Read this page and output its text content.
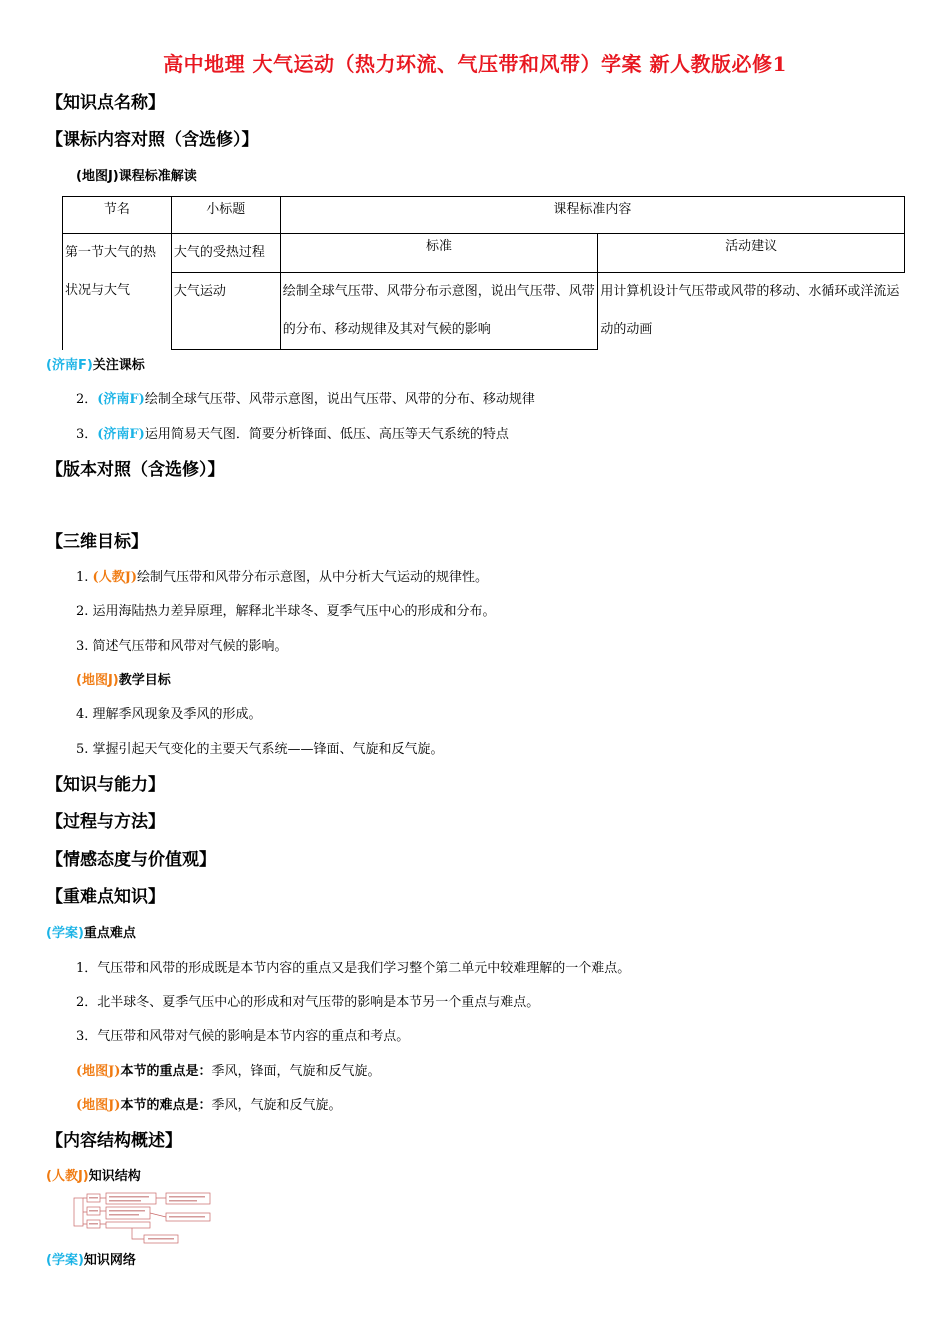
高中地理 大气运动（热力环流、气压带和风带）学案 新人教版必修1
【知识点名称】
【课标内容对照（含选修）】
(地图J)课程标准解读
节名	小标题	课程标准内容	
第一节大气的热状况与大气	大气的受热过程	标准	活动建议
	大气运动	绘制全球气压带、风带分布示意图，说出气压带、风带的分布、移动规律及其对气候的影响	用计算机设计气压带或风带的移动、水循环或洋流运动的动画
(济南F)关注课标
2．(济南F)绘制全球气压带、风带示意图，说出气压带、风带的分布、移动规律
3．(济南F)运用简易天气图．简要分析锋面、低压、高压等天气系统的特点
【版本对照（含选修）】
【三维目标】
1. (人教J)绘制气压带和风带分布示意图，从中分析大气运动的规律性。
2. 运用海陆热力差异原理，解释北半球冬、夏季气压中心的形成和分布。
3. 简述气压带和风带对气候的影响。
(地图J)教学目标
4. 理解季风现象及季风的形成。
5. 掌握引起天气变化的主要天气系统——锋面、气旋和反气旋。
【知识与能力】
【过程与方法】
【情感态度与价值观】
【重难点知识】
(学案)重点难点
1．气压带和风带的形成既是本节内容的重点又是我们学习整个第二单元中较难理解的一个难点。
2．北半球冬、夏季气压中心的形成和对气压带的影响是本节另一个重点与难点。
3．气压带和风带对气候的影响是本节内容的重点和考点。
(地图J)本节的重点是：季风，锋面，气旋和反气旋。
(地图J)本节的难点是：季风，气旋和反气旋。
【内容结构概述】
(人教J)知识结构
(学案)知识网络
